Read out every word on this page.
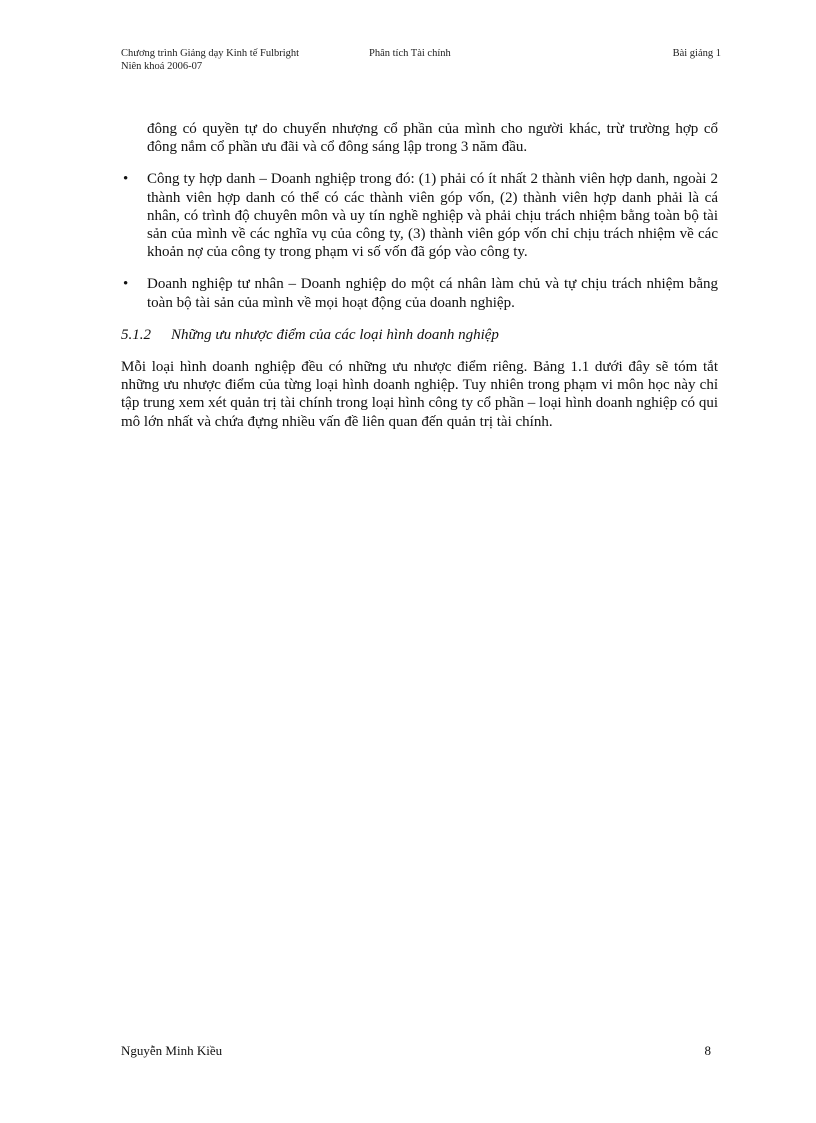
Chương trình Giảng dạy Kinh tế Fulbright	Phân tích Tài chính	Bài giảng 1
Niên khoá 2006-07

đông có quyền tự do chuyển nhượng cổ phần của mình cho người khác, trừ trường hợp cổ đông nắm cổ phần ưu đãi và cổ đông sáng lập trong 3 năm đầu.

• Công ty hợp danh – Doanh nghiệp trong đó: (1) phải có ít nhất 2 thành viên hợp danh, ngoài 2 thành viên hợp danh có thể có các thành viên góp vốn, (2) thành viên hợp danh phải là cá nhân, có trình độ chuyên môn và uy tín nghề nghiệp và phải chịu trách nhiệm bằng toàn bộ tài sản của mình về các nghĩa vụ của công ty, (3) thành viên góp vốn chỉ chịu trách nhiệm về các khoản nợ của công ty trong phạm vi số vốn đã góp vào công ty.
• Doanh nghiệp tư nhân – Doanh nghiệp do một cá nhân làm chủ và tự chịu trách nhiệm bằng toàn bộ tài sản của mình về mọi hoạt động của doanh nghiệp.
5.1.2 Những ưu nhược điểm của các loại hình doanh nghiệp

Mỗi loại hình doanh nghiệp đều có những ưu nhược điểm riêng. Bảng 1.1 dưới đây sẽ tóm tắt những ưu nhược điểm của từng loại hình doanh nghiệp. Tuy nhiên trong phạm vi môn học này chỉ tập trung xem xét quản trị tài chính trong loại hình công ty cổ phần – loại hình doanh nghiệp có qui mô lớn nhất và chứa đựng nhiều vấn đề liên quan đến quản trị tài chính.

Nguyễn Minh Kiều	8
